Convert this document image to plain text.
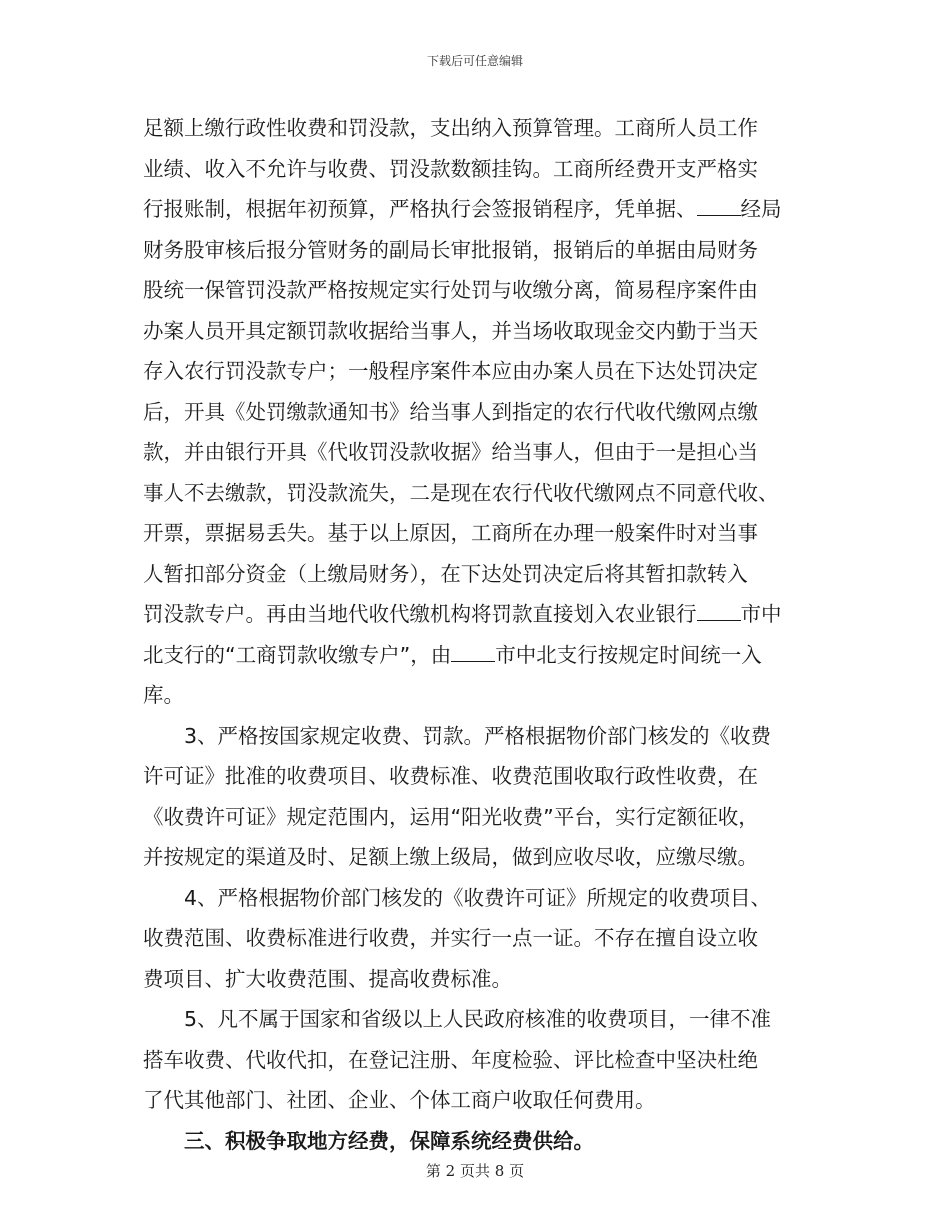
下载后可任意编辑
足额上缴行政性收费和罚没款，支出纳入预算管理。工商所人员工作
业绩、收入不允许与收费、罚没款数额挂钩。工商所经费开支严格实
行报账制，根据年初预算，严格执行会签报销程序，凭单据、 经局
财务股审核后报分管财务的副局长审批报销，报销后的单据由局财务
股统一保管罚没款严格按规定实行处罚与收缴分离，简易程序案件由
办案人员开具定额罚款收据给当事人，并当场收取现金交内勤于当天
存入农行罚没款专户；一般程序案件本应由办案人员在下达处罚决定
后，开具《处罚缴款通知书》给当事人到指定的农行代收代缴网点缴
款，并由银行开具《代收罚没款收据》给当事人，但由于一是担心当
事人不去缴款，罚没款流失，二是现在农行代收代缴网点不同意代收、
开票，票据易丢失。基于以上原因，工商所在办理一般案件时对当事
人暂扣部分资金（上缴局财务），在下达处罚决定后将其暂扣款转入
罚没款专户。再由当地代收代缴机构将罚款直接划入农业银行 市中
北支行的“工商罚款收缴专户”，由 市中北支行按规定时间统一入
库。
3、严格按国家规定收费、罚款。严格根据物价部门核发的《收费
许可证》批准的收费项目、收费标准、收费范围收取行政性收费，在
《收费许可证》规定范围内，运用“阳光收费”平台，实行定额征收，
并按规定的渠道及时、足额上缴上级局，做到应收尽收，应缴尽缴。
4、严格根据物价部门核发的《收费许可证》所规定的收费项目、
收费范围、收费标准进行收费，并实行一点一证。不存在擅自设立收
费项目、扩大收费范围、提高收费标准。
5、凡不属于国家和省级以上人民政府核准的收费项目，一律不准
搭车收费、代收代扣，在登记注册、年度检验、评比检查中坚决杜绝
了代其他部门、社团、企业、个体工商户收取任何费用。
三、积极争取地方经费，保障系统经费供给。
第 2 页共 8 页
